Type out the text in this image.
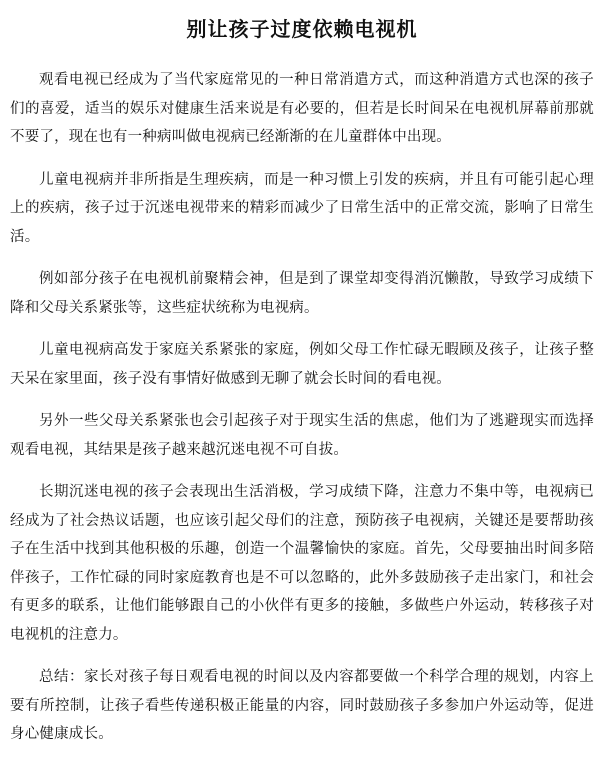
别让孩子过度依赖电视机

观看电视已经成为了当代家庭常见的一种日常消遣方式，而这种消遣方式也深的孩子们的喜爱，适当的娱乐对健康生活来说是有必要的，但若是长时间呆在电视机屏幕前那就不要了，现在也有一种病叫做电视病已经渐渐的在儿童群体中出现。

儿童电视病并非所指是生理疾病，而是一种习惯上引发的疾病，并且有可能引起心理上的疾病，孩子过于沉迷电视带来的精彩而减少了日常生活中的正常交流，影响了日常生活。

例如部分孩子在电视机前聚精会神，但是到了课堂却变得消沉懒散，导致学习成绩下降和父母关系紧张等，这些症状统称为电视病。

儿童电视病高发于家庭关系紧张的家庭，例如父母工作忙碌无暇顾及孩子，让孩子整天呆在家里面，孩子没有事情好做感到无聊了就会长时间的看电视。

另外一些父母关系紧张也会引起孩子对于现实生活的焦虑，他们为了逃避现实而选择观看电视，其结果是孩子越来越沉迷电视不可自拔。

长期沉迷电视的孩子会表现出生活消极，学习成绩下降，注意力不集中等，电视病已经成为了社会热议话题，也应该引起父母们的注意，预防孩子电视病，关键还是要帮助孩子在生活中找到其他积极的乐趣，创造一个温馨愉快的家庭。首先，父母要抽出时间多陪伴孩子，工作忙碌的同时家庭教育也是不可以忽略的，此外多鼓励孩子走出家门，和社会有更多的联系，让他们能够跟自己的小伙伴有更多的接触，多做些户外运动，转移孩子对电视机的注意力。

总结：家长对孩子每日观看电视的时间以及内容都要做一个科学合理的规划，内容上要有所控制，让孩子看些传递积极正能量的内容，同时鼓励孩子多参加户外运动等，促进身心健康成长。
